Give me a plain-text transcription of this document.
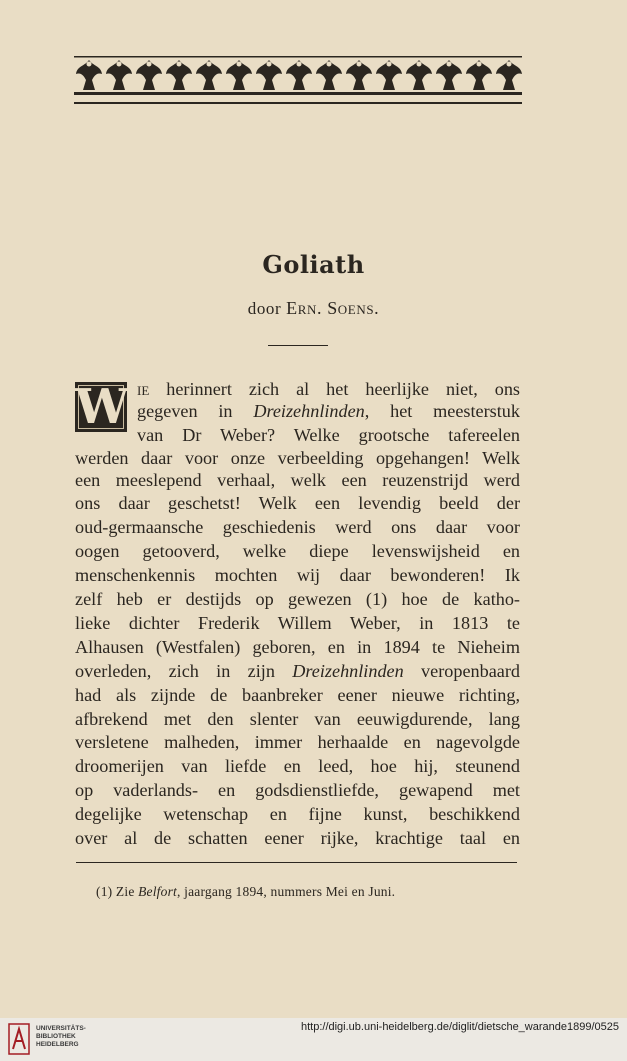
Goliath
door Ern. Soens.
W ie herinnert zich al het heerlijke niet, ons
gegeven in Dreizehnlinden, het meesterstuk
van Dr Weber? Welke grootsche tafereelen
werden daar voor onze verbeelding opgehangen! Welk
een meeslepend verhaal, welk een reuzenstrijd werd
ons daar geschetst! Welk een levendig beeld der
oud-germaansche geschiedenis werd ons daar voor
oogen getooverd, welke diepe levenswijsheid en
menschenkennis mochten wij daar bewonderen! Ik
zelf heb er destijds op gewezen (1) hoe de katho-
lieke dichter Frederik Willem Weber, in 1813 te
Alhausen (Westfalen) geboren, en in 1894 te Nieheim
overleden, zich in zijn Dreizehnlinden veropenbaard
had als zijnde de baanbreker eener nieuwe richting,
afbrekend met den slenter van eeuwigdurende, lang
versletene malheden, immer herhaalde en nagevolgde
droomerijen van liefde en leed, hoe hij, steunend
op vaderlands- en godsdienstliefde, gewapend met
degelijke wetenschap en fijne kunst, beschikkend
over al de schatten eener rijke, krachtige taal en
(1) Zie Belfort, jaargang 1894, nummers Mei en Juni.
UNIVERSITÄTS-
BIBLIOTHEK
HEIDELBERG
http://digi.ub.uni-heidelberg.de/diglit/dietsche_warande1899/0525
